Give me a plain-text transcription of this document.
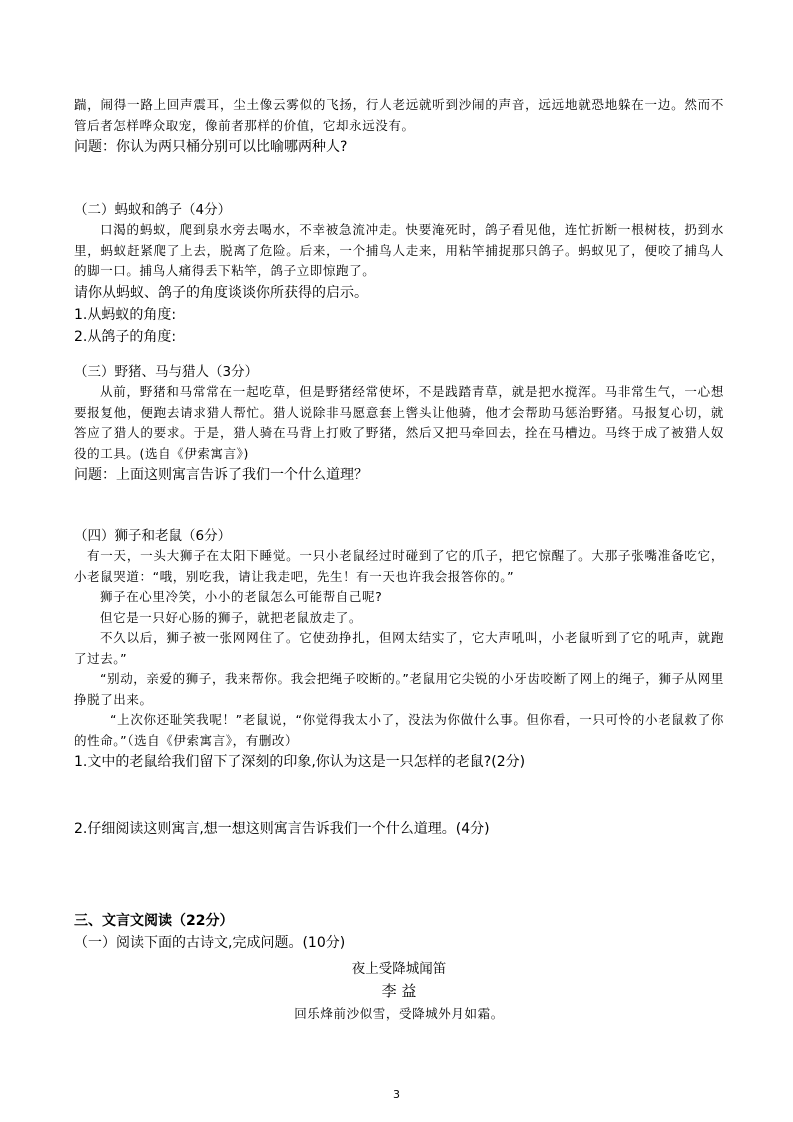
踹，闹得一路上回声震耳，尘土像云雾似的飞扬，行人老远就听到沙闹的声音，远远地就恐地躲在一边。然而不管后者怎样哗众取宠，像前者那样的价值，它却永远没有。

问题：你认为两只桶分别可以比喻哪两种人?

（二）蚂蚁和鸽子（4分）

口渴的蚂蚁，爬到泉水旁去喝水，不幸被急流冲走。快要淹死时，鸽子看见他，连忙折断一根树枝，扔到水里，蚂蚁赶紧爬了上去，脱离了危险。后来，一个捕鸟人走来，用粘竿捕捉那只鸽子。蚂蚁见了，便咬了捕鸟人的脚一口。捕鸟人痛得丢下粘竿，鸽子立即惊跑了。

请你从蚂蚁、鸽子的角度谈谈你所获得的启示。

1.从蚂蚁的角度:

2.从鸽子的角度:

（三）野猪、马与猎人（3分）

从前，野猪和马常常在一起吃草，但是野猪经常使坏，不是践踏青草，就是把水搅浑。马非常生气，一心想要报复他，便跑去请求猎人帮忙。猎人说除非马愿意套上辔头让他骑，他才会帮助马惩治野猪。马报复心切，就答应了猎人的要求。于是，猎人骑在马背上打败了野猪，然后又把马牵回去，拴在马槽边。马终于成了被猎人奴役的工具。(选自《伊索寓言》)

问题：上面这则寓言告诉了我们一个什么道理？

（四）狮子和老鼠（6分）

有一天，一头大狮子在太阳下睡觉。一只小老鼠经过时碰到了它的爪子，把它惊醒了。大那子张嘴准备吃它，小老鼠哭道：“哦，别吃我，请让我走吧，先生！有一天也许我会报答你的。”

狮子在心里冷笑，小小的老鼠怎么可能帮自己呢?

但它是一只好心肠的狮子，就把老鼠放走了。

不久以后，狮子被一张网网住了。它使劲挣扎，但网太结实了，它大声吼叫，小老鼠听到了它的吼声，就跑了过去。”

“别动，亲爱的狮子，我来帮你。我会把绳子咬断的。”老鼠用它尖锐的小牙齿咬断了网上的绳子，狮子从网里挣脱了出来。

“上次你还耻笑我呢！”老鼠说，“你觉得我太小了，没法为你做什么事。但你看，一只可怜的小老鼠救了你的性命。”（选自《伊索寓言》，有删改）

1.文中的老鼠给我们留下了深刻的印象,你认为这是一只怎样的老鼠?(2分)

2.仔细阅读这则寓言,想一想这则寓言告诉我们一个什么道理。(4分)

三、文言文阅读（22分）

（一）阅读下面的古诗文,完成问题。(10分)

夜上受降城闻笛

李 益

回乐烽前沙似雪，受降城外月如霜。

3
